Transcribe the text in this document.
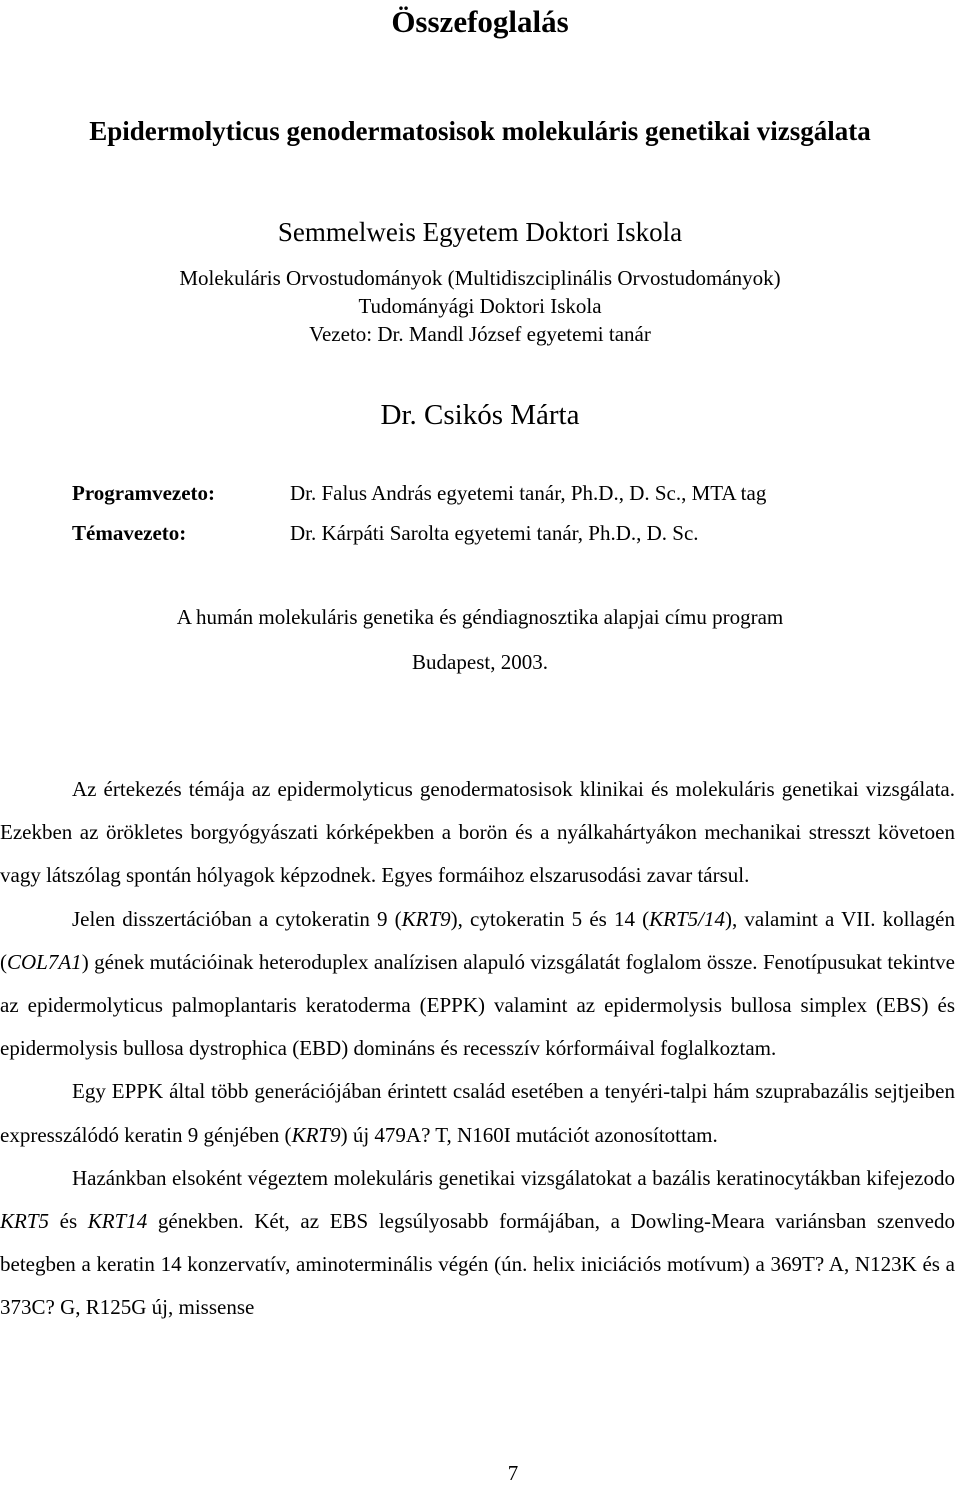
Összefoglalás
Epidermolyticus genodermatosisok molekuláris genetikai vizsgálata
Semmelweis Egyetem Doktori Iskola
Molekuláris Orvostudományok (Multidiszciplinális Orvostudományok)
Tudományági Doktori Iskola
Vezeto: Dr. Mandl József egyetemi tanár
Dr. Csikós Márta
Programvezeto:	Dr. Falus András egyetemi tanár, Ph.D., D. Sc., MTA tag
Témavezeto:	Dr. Kárpáti Sarolta egyetemi tanár, Ph.D., D. Sc.
A humán molekuláris genetika és géndiagnosztika alapjai címu program
Budapest, 2003.

Az értekezés témája az epidermolyticus genodermatosisok klinikai és molekuláris genetikai vizsgálata. Ezekben az örökletes borgyógyászati kórképekben a borön és a nyálkahártyákon mechanikai stresszt követoen vagy látszólag spontán hólyagok képzodnek. Egyes formáihoz elszarusodási zavar társul.

Jelen disszertációban a cytokeratin 9 (KRT9), cytokeratin 5 és 14 (KRT5/14), valamint a VII. kollagén (COL7A1) gének mutációinak heteroduplex analízisen alapuló vizsgálatát foglalom össze. Fenotípusukat tekintve az epidermolyticus palmoplantaris keratoderma (EPPK) valamint az epidermolysis bullosa simplex (EBS) és epidermolysis bullosa dystrophica (EBD) domináns és recesszív kórformáival foglalkoztam.

Egy EPPK által több generációjában érintett család esetében a tenyéri-talpi hám szuprabazális sejtjeiben expresszálódó keratin 9 génjében (KRT9) új 479A? T, N160I mutációt azonosítottam.

Hazánkban elsoként végeztem molekuláris genetikai vizsgálatokat a bazális keratinocytákban kifejezodo KRT5 és KRT14 génekben. Két, az EBS legsúlyosabb formájában, a Dowling-Meara variánsban szenvedo betegben a keratin 14 konzervatív, aminoterminális végén (ún. helix iniciációs motívum) a 369T? A, N123K és a 373C? G, R125G új, missense

7
